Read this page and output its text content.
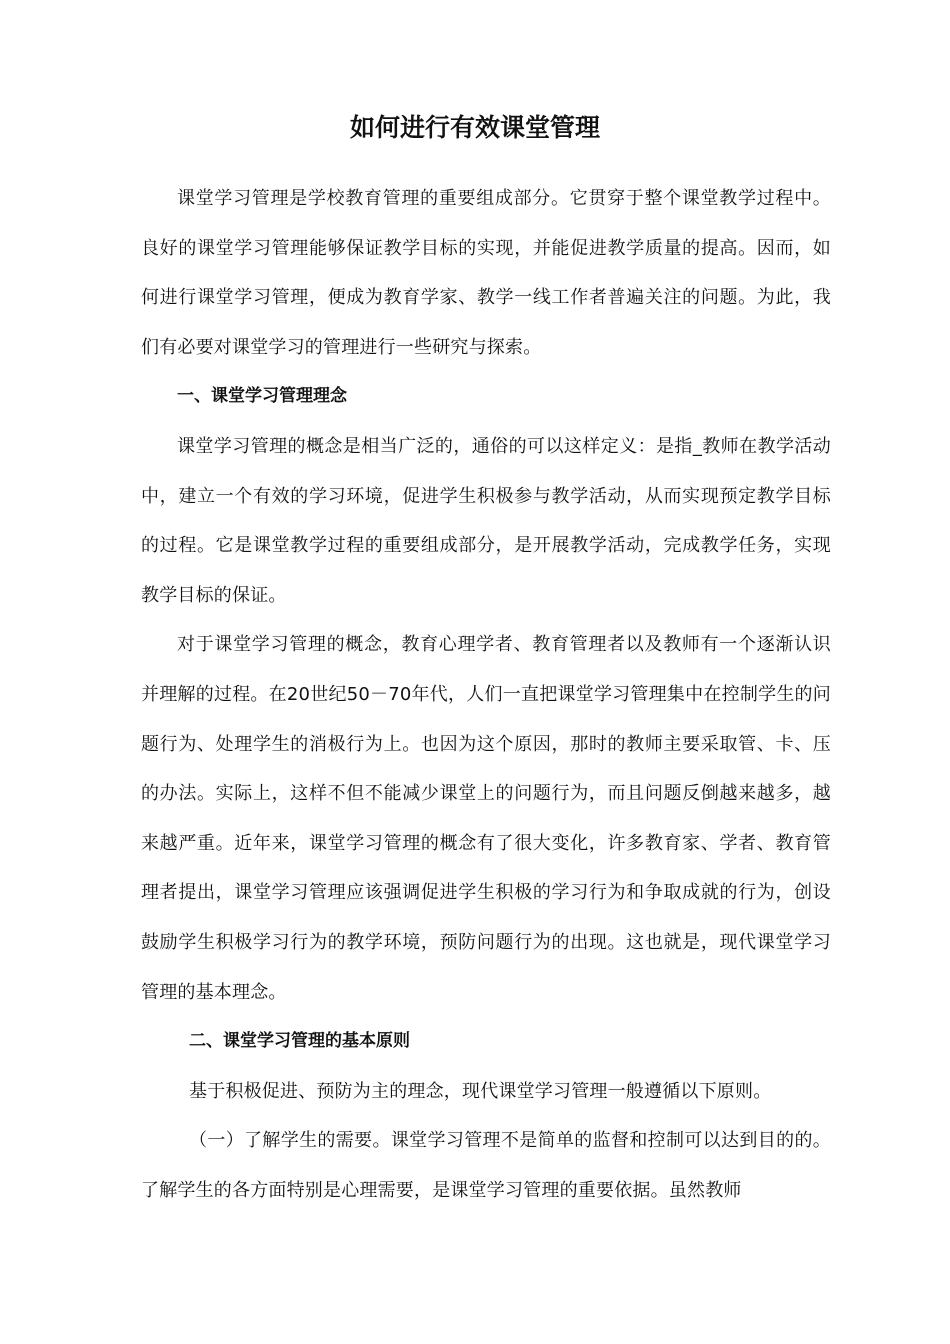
如何进行有效课堂管理

课堂学习管理是学校教育管理的重要组成部分。它贯穿于整个课堂教学过程中。良好的课堂学习管理能够保证教学目标的实现，并能促进教学质量的提高。因而，如何进行课堂学习管理，便成为教育学家、教学一线工作者普遍关注的问题。为此，我们有必要对课堂学习的管理进行一些研究与探索。

一、课堂学习管理理念

课堂学习管理的概念是相当广泛的，通俗的可以这样定义：是指_教师在教学活动中，建立一个有效的学习环境，促进学生积极参与教学活动，从而实现预定教学目标的过程。它是课堂教学过程的重要组成部分，是开展教学活动，完成教学任务，实现教学目标的保证。

对于课堂学习管理的概念，教育心理学者、教育管理者以及教师有一个逐渐认识并理解的过程。在20世纪50－70年代，人们一直把课堂学习管理集中在控制学生的问题行为、处理学生的消极行为上。也因为这个原因，那时的教师主要采取管、卡、压的办法。实际上，这样不但不能减少课堂上的问题行为，而且问题反倒越来越多，越来越严重。近年来，课堂学习管理的概念有了很大变化，许多教育家、学者、教育管理者提出，课堂学习管理应该强调促进学生积极的学习行为和争取成就的行为，创设鼓励学生积极学习行为的教学环境，预防问题行为的出现。这也就是，现代课堂学习管理的基本理念。

二、课堂学习管理的基本原则

基于积极促进、预防为主的理念，现代课堂学习管理一般遵循以下原则。

（一）了解学生的需要。课堂学习管理不是简单的监督和控制可以达到目的的。了解学生的各方面特别是心理需要，是课堂学习管理的重要依据。虽然教师
